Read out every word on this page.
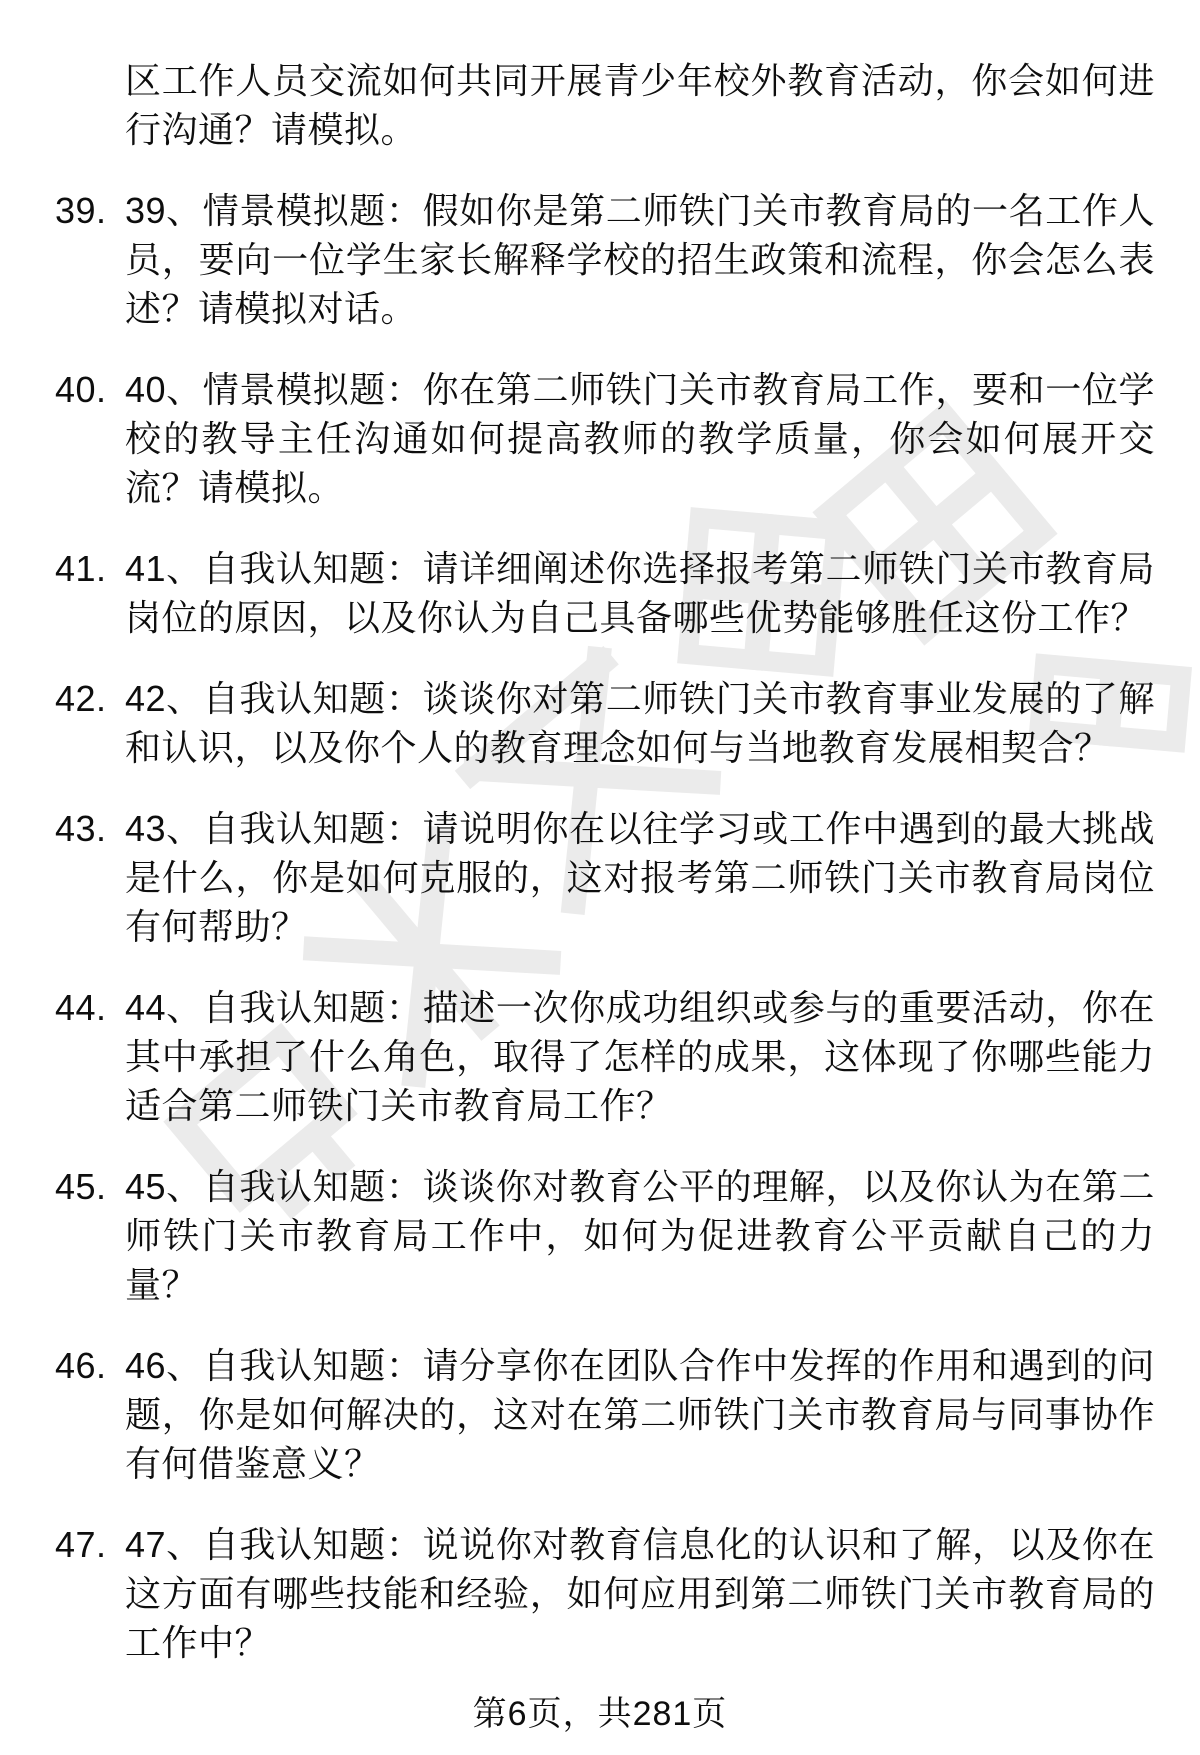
区工作人员交流如何共同开展青少年校外教育活动，你会如何进行沟通？请模拟。

39. 39、情景模拟题：假如你是第二师铁门关市教育局的一名工作人员，要向一位学生家长解释学校的招生政策和流程，你会怎么表述？请模拟对话。
40. 40、情景模拟题：你在第二师铁门关市教育局工作，要和一位学校的教导主任沟通如何提高教师的教学质量，你会如何展开交流？请模拟。
41. 41、自我认知题：请详细阐述你选择报考第二师铁门关市教育局岗位的原因，以及你认为自己具备哪些优势能够胜任这份工作？
42. 42、自我认知题：谈谈你对第二师铁门关市教育事业发展的了解和认识，以及你个人的教育理念如何与当地教育发展相契合？
43. 43、自我认知题：请说明你在以往学习或工作中遇到的最大挑战是什么，你是如何克服的，这对报考第二师铁门关市教育局岗位有何帮助？
44. 44、自我认知题：描述一次你成功组织或参与的重要活动，你在其中承担了什么角色，取得了怎样的成果，这体现了你哪些能力适合第二师铁门关市教育局工作？
45. 45、自我认知题：谈谈你对教育公平的理解，以及你认为在第二师铁门关市教育局工作中，如何为促进教育公平贡献自己的力量？
46. 46、自我认知题：请分享你在团队合作中发挥的作用和遇到的问题，你是如何解决的，这对在第二师铁门关市教育局与同事协作有何借鉴意义？
47. 47、自我认知题：说说你对教育信息化的认识和了解，以及你在这方面有哪些技能和经验，如何应用到第二师铁门关市教育局的工作中？
第6页，共281页
